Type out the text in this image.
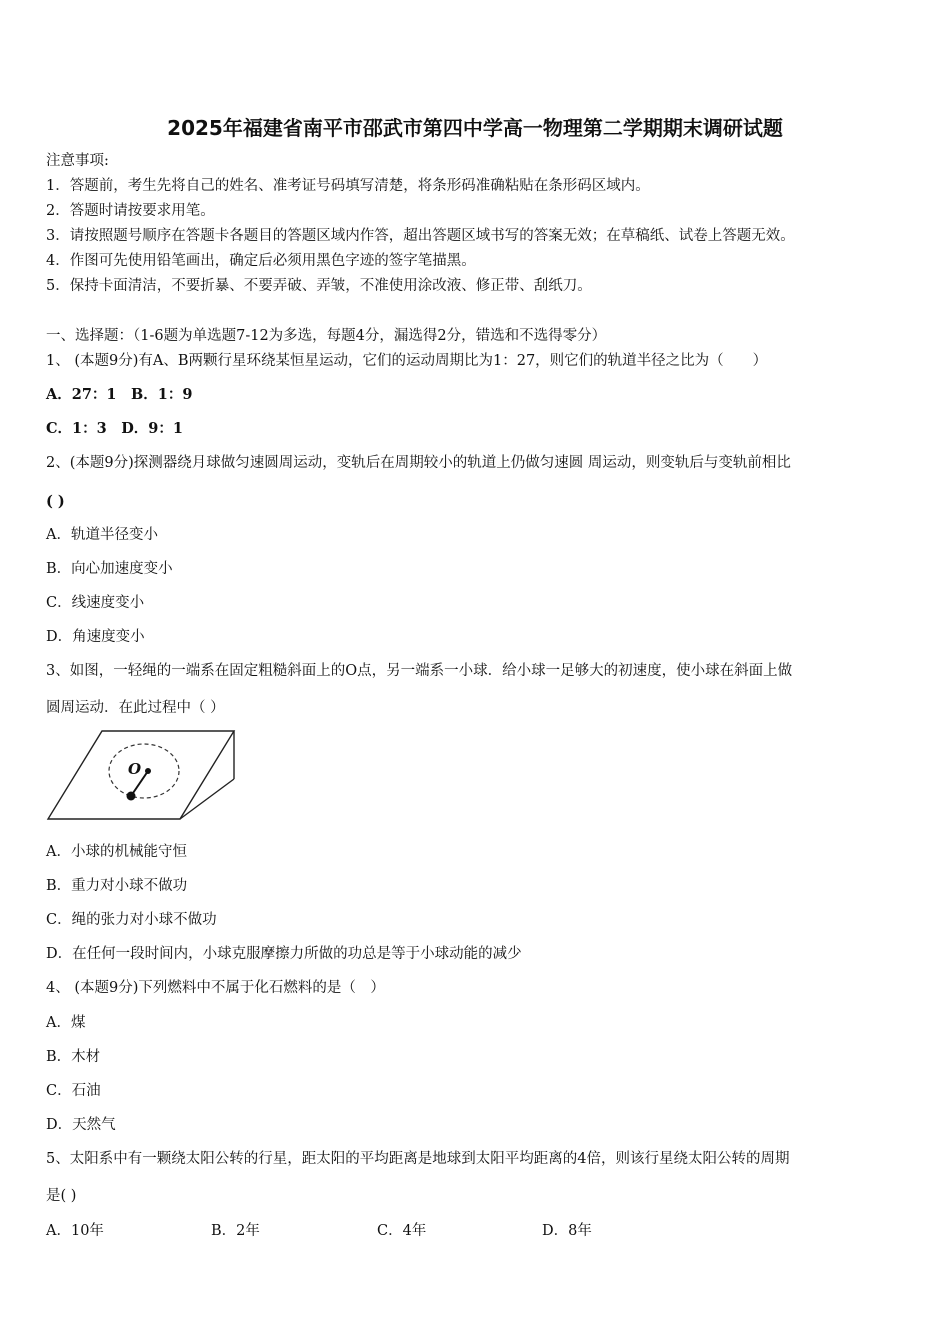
2025年福建省南平市邵武市第四中学高一物理第二学期期末调研试题
注意事项:
1．答题前，考生先将自己的姓名、准考证号码填写清楚，将条形码准确粘贴在条形码区域内。
2．答题时请按要求用笔。
3．请按照题号顺序在答题卡各题目的答题区域内作答，超出答题区域书写的答案无效；在草稿纸、试卷上答题无效。
4．作图可先使用铅笔画出，确定后必须用黑色字迹的签字笔描黑。
5．保持卡面清洁，不要折暴、不要弄破、弄皱，不准使用涂改液、修正带、刮纸刀。
一、选择题：（1-6题为单选题7-12为多选，每题4分，漏选得2分，错选和不选得零分）
1、 (本题9分)有A、B两颗行星环绕某恒星运动，它们的运动周期比为1：27，则它们的轨道半径之比为（　　）
A．27：1　B．1：9
C．1：3　D．9：1
2、(本题9分)探测器绕月球做匀速圆周运动，变轨后在周期较小的轨道上仍做匀速圆 周运动，则变轨后与变轨前相比
( )
A．轨道半径变小
B．向心加速度变小
C．线速度变小
D．角速度变小
3、如图，一轻绳的一端系在固定粗糙斜面上的O点，另一端系一小球．给小球一足够大的初速度，使小球在斜面上做
圆周运动．在此过程中（ ）
O
A．小球的机械能守恒
B．重力对小球不做功
C．绳的张力对小球不做功
D．在任何一段时间内，小球克服摩擦力所做的功总是等于小球动能的减少
4、 (本题9分)下列燃料中不属于化石燃料的是（　）
A．煤
B．木材
C．石油
D．天然气
5、太阳系中有一颗绕太阳公转的行星，距太阳的平均距离是地球到太阳平均距离的4倍，则该行星绕太阳公转的周期
是( )
A．10年	B．2年	C．4年	D．8年
